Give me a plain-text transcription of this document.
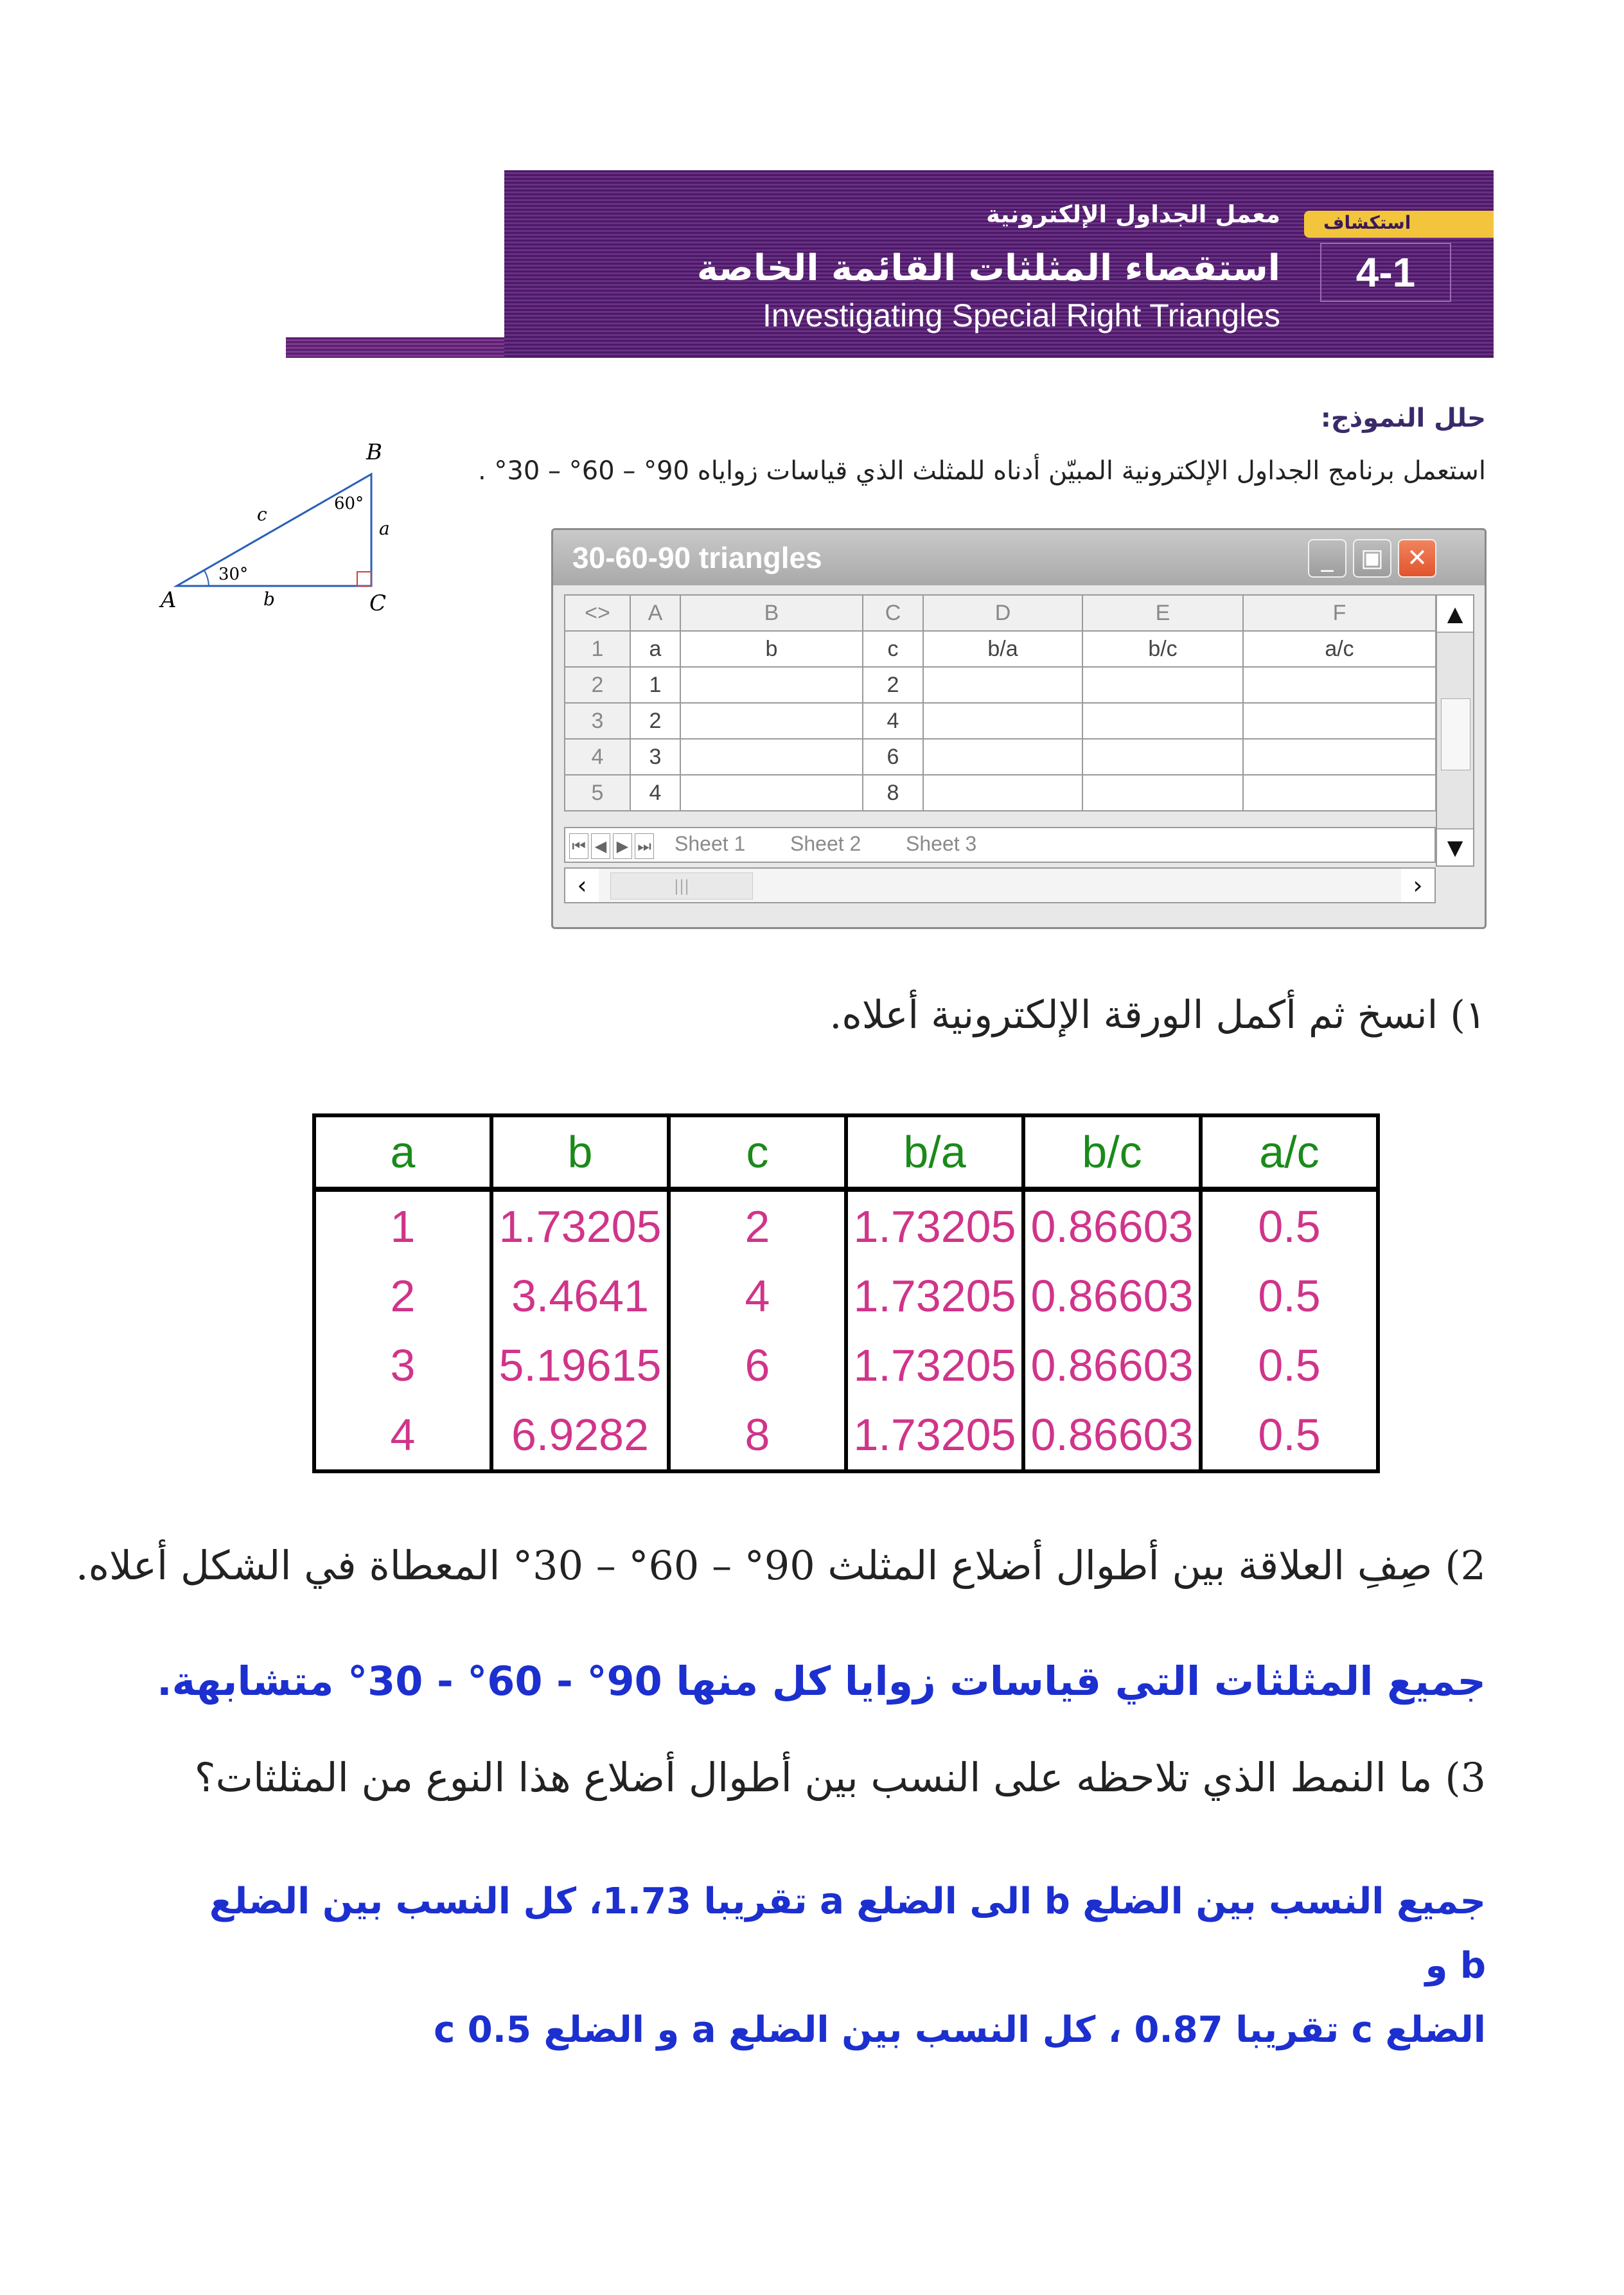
استكشاف
4-1
معمل الجداول الإلكترونية
استقصاء المثلثات القائمة الخاصة
Investigating Special Right Triangles
حلل النموذج:
استعمل برنامج الجداول الإلكترونية المبيّن أدناه للمثلث الذي قياسات زواياه 90° – 60° – 30° .
A
B
C
a
b
c
30°
60°
30-60-90 triangles	_	▣ ✕
<>	A	B	C	D	E	F
1	a	b	c	b/a	b/c	a/c
2	1		2			
3	2		4			
4	3		6			
5	4		8			
▲
▼
⏮ ◀ ▶ ⏭ Sheet 1 Sheet 2 Sheet 3
‹	|||	›
١) انسخ ثم أكمل الورقة الإلكترونية أعلاه.
a	b	c	b/a	b/c	a/c
1	1.73205	2	1.73205	0.86603	0.5
2	3.4641	4	1.73205	0.86603	0.5
3	5.19615	6	1.73205	0.86603	0.5
4	6.9282	8	1.73205	0.86603	0.5
2) صِفِ العلاقة بين أطوال أضلاع المثلث 90° – 60° – 30° المعطاة في الشكل أعلاه.
جميع المثلثات التي قياسات زوايا كل منها 90° - 60° - 30° متشابهة.
3) ما النمط الذي تلاحظه على النسب بين أطوال أضلاع هذا النوع من المثلثات؟
جميع النسب بين الضلع b الى الضلع a تقريبا 1.73، كل النسب بين الضلع b و
الضلع c تقريبا 0.87 ، كل النسب بين الضلع a و الضلع c 0.5
